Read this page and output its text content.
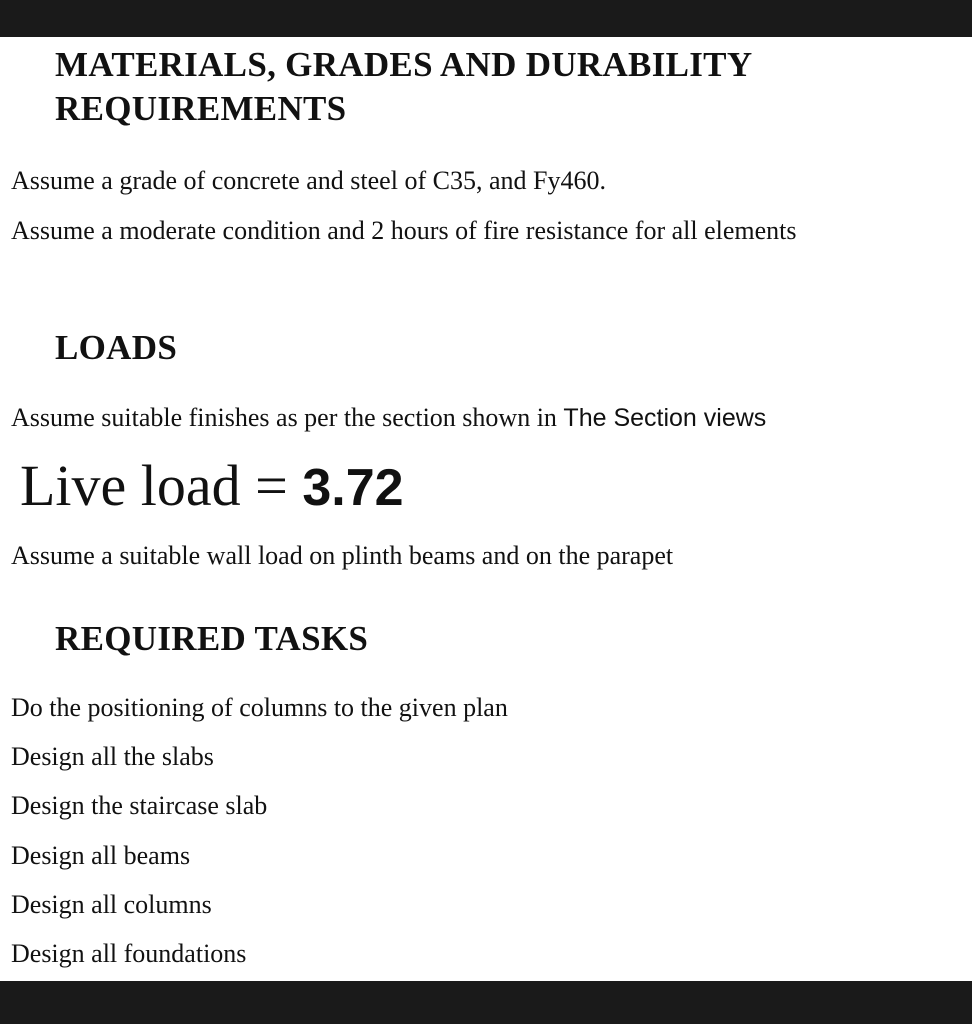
MATERIALS, GRADES AND DURABILITY
REQUIREMENTS

Assume a grade of concrete and steel of C35, and Fy460.

Assume a moderate condition and 2 hours of fire resistance for all elements

LOADS

Assume suitable finishes as per the section shown in The Section views

Live load = 3.72

Assume a suitable wall load on plinth beams and on the parapet

REQUIRED TASKS

Do the positioning of columns to the given plan

Design all the slabs

Design the staircase slab

Design all beams

Design all columns

Design all foundations
